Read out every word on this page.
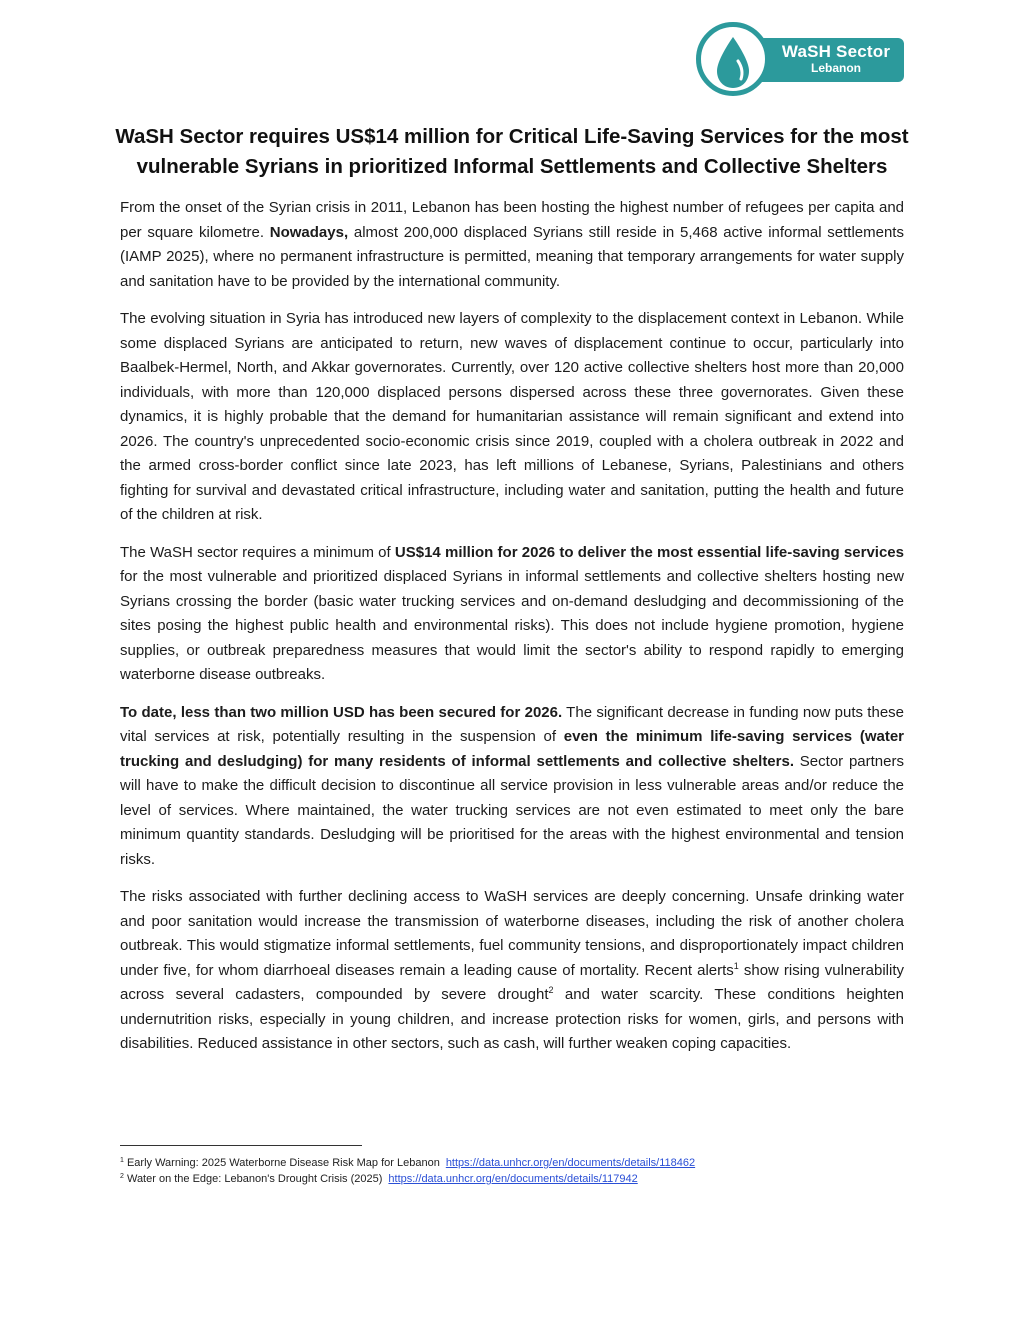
WaSH Sector
Lebanon
WaSH Sector requires US$14 million for Critical Life-Saving Services for the most
vulnerable Syrians in prioritized Informal Settlements and Collective Shelters

From the onset of the Syrian crisis in 2011, Lebanon has been hosting the highest number of refugees per capita and per square kilometre. Nowadays, almost 200,000 displaced Syrians still reside in 5,468 active informal settlements (IAMP 2025), where no permanent infrastructure is permitted, meaning that temporary arrangements for water supply and sanitation have to be provided by the international community.

The evolving situation in Syria has introduced new layers of complexity to the displacement context in Lebanon. While some displaced Syrians are anticipated to return, new waves of displacement continue to occur, particularly into Baalbek-Hermel, North, and Akkar governorates. Currently, over 120 active collective shelters host more than 20,000 individuals, with more than 120,000 displaced persons dispersed across these three governorates. Given these dynamics, it is highly probable that the demand for humanitarian assistance will remain significant and extend into 2026. The country's unprecedented socio-economic crisis since 2019, coupled with a cholera outbreak in 2022 and the armed cross-border conflict since late 2023, has left millions of Lebanese, Syrians, Palestinians and others fighting for survival and devastated critical infrastructure, including water and sanitation, putting the health and future of the children at risk.

The WaSH sector requires a minimum of US$14 million for 2026 to deliver the most essential life-saving services for the most vulnerable and prioritized displaced Syrians in informal settlements and collective shelters hosting new Syrians crossing the border (basic water trucking services and on-demand desludging and decommissioning of the sites posing the highest public health and environmental risks). This does not include hygiene promotion, hygiene supplies, or outbreak preparedness measures that would limit the sector's ability to respond rapidly to emerging waterborne disease outbreaks.

To date, less than two million USD has been secured for 2026. The significant decrease in funding now puts these vital services at risk, potentially resulting in the suspension of even the minimum life-saving services (water trucking and desludging) for many residents of informal settlements and collective shelters. Sector partners will have to make the difficult decision to discontinue all service provision in less vulnerable areas and/or reduce the level of services. Where maintained, the water trucking services are not even estimated to meet only the bare minimum quantity standards. Desludging will be prioritised for the areas with the highest environmental and tension risks.

The risks associated with further declining access to WaSH services are deeply concerning. Unsafe drinking water and poor sanitation would increase the transmission of waterborne diseases, including the risk of another cholera outbreak. This would stigmatize informal settlements, fuel community tensions, and disproportionately impact children under five, for whom diarrhoeal diseases remain a leading cause of mortality. Recent alerts$^1$ show rising vulnerability across several cadasters, compounded by severe drought$^2$ and water scarcity. These conditions heighten undernutrition risks, especially in young children, and increase protection risks for women, girls, and persons with disabilities. Reduced assistance in other sectors, such as cash, will further weaken coping capacities.

$^1$ Early Warning: 2025 Waterborne Disease Risk Map for Lebanon https://data.unhcr.org/en/documents/details/118462
$^2$ Water on the Edge: Lebanon's Drought Crisis (2025) https://data.unhcr.org/en/documents/details/117942
